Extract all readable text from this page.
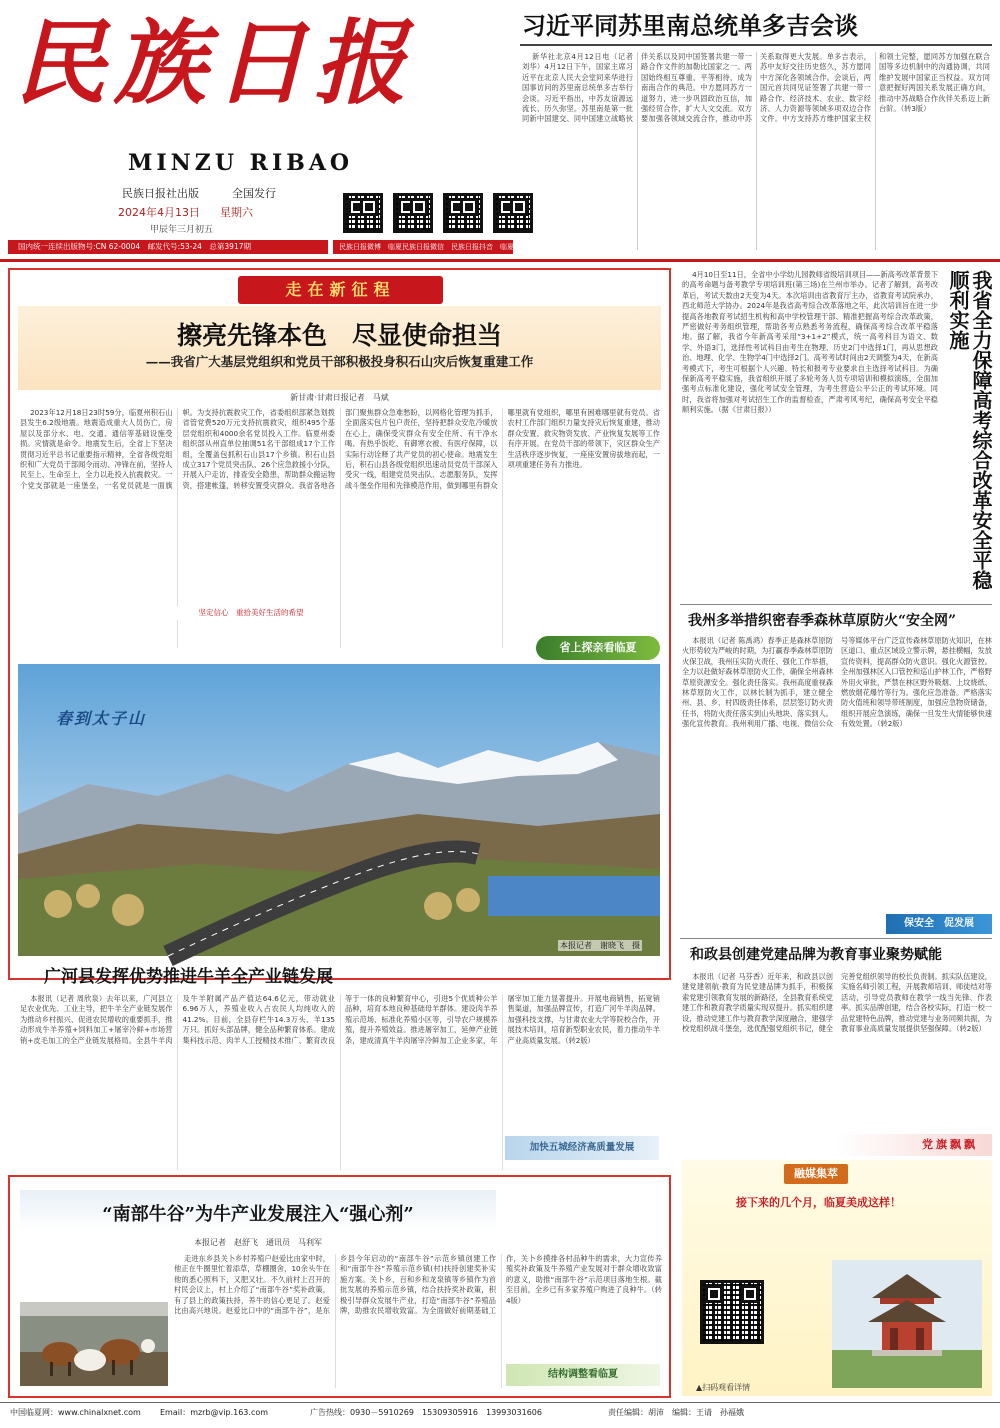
民族日报
MINZU RIBAO
民族日报社出版	全国发行
2024年4月13日 星期六
甲辰年三月初五
国内统一连续出版物号:CN 62-0004　邮发代号:53-24　总第3917期	民族日报微博　临夏民族日报微信　民族日报抖音　临夏头条APP
习近平同苏里南总统单多吉会谈

新华社北京4月12日电（记者 刘华）4月12日下午，国家主席习近平在北京人民大会堂同来华进行国事访问的苏里南总统单多吉举行会谈。习近平指出，中苏友谊源远流长、历久弥坚。苏里南是第一批同新中国建交、同中国建立战略伙伴关系以及同中国签署共建一带一路合作文件的加勒比国家之一。两国始终相互尊重、平等相待，成为南南合作的典范。中方愿同苏方一道努力，进一步巩固政治互信，加强经贸合作，扩大人文交流。双方要加强各领域交流合作，推动中苏关系取得更大发展。单多吉表示，苏中友好交往历史悠久，苏方愿同中方深化各领域合作。会谈后，两国元首共同见证签署了共建一带一路合作、经济技术、农业、数字经济、人力资源等领域多项双边合作文件。中方支持苏方维护国家主权和领土完整，愿同苏方加强在联合国等多边机制中的沟通协调，共同维护发展中国家正当权益。双方同意把握好两国关系发展正确方向，推动中苏战略合作伙伴关系迈上新台阶。（转3版）

走在新征程
擦亮先锋本色　尽显使命担当
——我省广大基层党组织和党员干部积极投身积石山灾后恢复重建工作
新甘肃·甘肃日报记者　马斌

2023年12月18日23时59分，临夏州积石山县发生6.2级地震。地震造成重大人员伤亡，房屋以及部分水、电、交通、通信等基础设施受损。灾情就是命令。地震发生后，全省上下坚决贯彻习近平总书记重要指示精神，全省各级党组织和广大党员干部闻令而动、冲锋在前，坚持人民至上、生命至上，全力以赴投入抗震救灾。一个党支部就是一座堡垒，一名党员就是一面旗帜。为支持抗震救灾工作，省委组织部紧急划拨省管党费520万元支持抗震救灾，组织495个基层党组织和4000余名党员投入工作。临夏州委组织部从州直单位抽调51名干部组成17个工作组，全覆盖包抓积石山县17个乡镇。积石山县成立317个党员突击队、26个应急救援小分队，开展入户走访，排查安全隐患，帮助群众搬运物资，搭建帐篷，转移安置受灾群众。我省各地各部门聚焦群众急难愁盼，以网格化管理为抓手，全面落实包片包户责任，坚持把群众安危冷暖放在心上，确保受灾群众有安全住所、有干净水喝、有热乎饭吃、有御寒衣被、有医疗保障，以实际行动诠释了共产党员的初心使命。地震发生后，积石山县各级党组织迅速动员党员干部深入受灾一线，组建党员突击队、志愿服务队，发挥战斗堡垒作用和先锋模范作用，做到哪里有群众哪里就有党组织，哪里有困难哪里就有党员。省农村工作部门组织力量支持灾后恢复重建，推动群众安置、救灾物资发放、产业恢复发展等工作有序开展。在党员干部的带领下，灾区群众生产生活秩序逐步恢复，一座座安置房拔地而起，一项项重建任务有力推进。

坚定信心　重拾美好生活的希望
省上探亲看临夏
春到太子山
本报记者　谢晓飞　摄
广河县发挥优势推进牛羊全产业链发展

本报讯（记者 周欣泉）去年以来，广河县立足农业优先、工业主导，把牛羊全产业链发展作为推动乡村振兴、促进农民增收的重要抓手，推动形成牛羊养殖+饲料加工+屠宰冷鲜+市场营销+皮毛加工的全产业链发展格局。全县牛羊肉及牛羊附属产品产值达64.6亿元，带动就业6.96万人，养殖业收入占农民人均纯收入的41.2%。目前，全县存栏牛14.3万头、羊135万只。抓好头部品牌，健全品种繁育体系。建成集科技示范、肉羊人工授精技术推广、繁育改良等于一体的良种繁育中心，引进5个优质种公羊品种，培育本地良种基础母羊群体。建设肉羊养殖示范场、标准化养殖小区等，引导农户规模养殖，提升养殖效益。推进屠宰加工，延伸产业链条，建成清真牛羊肉屠宰冷鲜加工企业多家，年屠宰加工能力显著提升。开展电商销售，拓宽销售渠道，加强品牌宣传，打造广河牛羊肉品牌。加强科技支撑，与甘肃农业大学等院校合作，开展技术培训，培育新型职业农民，着力推动牛羊产业高质量发展。（转2版）

加快五城经济高质量发展
“南部牛谷”为牛产业发展注入“强心剂”
本报记者　赵舒飞　通讯员　马利军

走进东乡县关卜乡村养殖户赵爱比由家中时，他正在牛圈里忙着添草，草棚圈舍，10余头牛在他的悉心照料下，又肥又壮。不久前村上召开的村民会议上，村上介绍了“南部牛谷”奖补政策，有了县上的政策扶持，养牛的信心更足了。赵爱比由高兴地说。赵爱比口中的“南部牛谷”，是东乡县今年启动的“南部牛谷”示范乡镇创建工作和“南部牛谷”养殖示范乡镇(村)扶持创建奖补实施方案。关卜乡、百和乡和龙泉镇等乡镇作为首批发展的养殖示范乡镇，结合扶持奖补政策，积极引导群众发展牛产业，打造“南部牛谷”养殖品牌，助推农民增收致富。为全面做好前期基础工作，关卜乡摸排各村品种牛的需求，大力宣传养殖奖补政策及牛养殖产业发展对于群众增收致富的意义，助推“南部牛谷”示范项目落地生根。截至目前，全乡已有多家养殖户购进了良种牛。（转4版）

结构调整看临夏

4月10日至11日，全省中小学幼儿园教师省级培训项目——新高考改革背景下的高考命题与备考教学专项培训班(第三场)在兰州市举办。记者了解到，高考改革后，考试天数由2天变为4天。本次培训由省教育厅主办，省教育考试院承办，西北师范大学协办。2024年是我省高考综合改革落地之年，此次培训旨在进一步提高各地教育考试招生机构和高中学校管理干部、精准把握高考综合改革政策，严密做好考务组织管理，帮助各考点熟悉考务流程，确保高考综合改革平稳落地。据了解，我省今年新高考采用“3+1+2”模式，统一高考科目为语文、数学、外语3门，选择性考试科目由考生在物理、历史2门中选择1门，再从思想政治、地理、化学、生物学4门中选择2门。高考考试时间由2天调整为4天，在新高考模式下，考生可根据个人兴趣、特长和报考专业要求自主选择考试科目。为确保新高考平稳实施，我省组织开展了多轮考务人员专项培训和模拟演练，全面加强考点标准化建设，强化考试安全管理，为考生营造公平公正的考试环境。同时，我省将加强对考试招生工作的监督检查，严肃考风考纪，确保高考安全平稳顺利实施。（据《甘肃日报》）	我省全力保障高考综合改革安全平稳顺利实施
我州多举措织密春季森林草原防火“安全网”

本报讯（记者 陈禹鸿）春季正是森林草原防火形势较为严峻的时期，为打赢春季森林草原防火保卫战，我州压实防火责任、强化工作举措，全力以赴做好森林草原防火工作，确保全州森林草原资源安全。强化责任落实。我州高度重视森林草原防火工作，以林长制为抓手，建立健全州、县、乡、村四级责任体系，层层签订防火责任书，将防火责任落实到山头地块、落实到人。强化宣传教育。我州利用广播、电视、微信公众号等媒体平台广泛宣传森林草原防火知识，在林区道口、重点区域设立警示牌，悬挂横幅，发放宣传资料，提高群众防火意识。强化火源管控。全州加强林区入口管控和巡山护林工作，严格野外用火审批，严禁在林区野外吸烟、上坟烧纸、燃放烟花爆竹等行为。强化应急准备。严格落实防火值班和领导带班制度，加强应急物资储备，组织开展应急演练，确保一旦发生火情能够快速有效处置。（转2版）

保安全　促发展
和政县创建党建品牌为教育事业聚势赋能

本报讯（记者 马芬香）近年来，和政县以创建党建领航·教育为民党建品牌为抓手，积极探索党建引领教育发展的新路径，全县教育系统党建工作和教育教学质量实现双提升。抓实组织建设，推动党建工作与教育教学深度融合，建强学校党组织战斗堡垒，选优配强党组织书记，健全完善党组织领导的校长负责制。抓实队伍建设，实施名师引领工程，开展教师培训、师徒结对等活动，引导党员教师在教学一线当先锋、作表率。抓实品牌创建，结合各校实际，打造一校一品党建特色品牌，推动党建与业务同频共振，为教育事业高质量发展提供坚强保障。（转2版）

党旗飘飘
融媒集萃
接下来的几个月，临夏美成这样！
▲扫码观看详情
中国临夏网：www.chinalxnet.com Email：mzrb@vip.163.com	广告热线：0930－5910269　15309305916　13993031606	责任编辑：胡沛　编辑：王请　孙福娥
